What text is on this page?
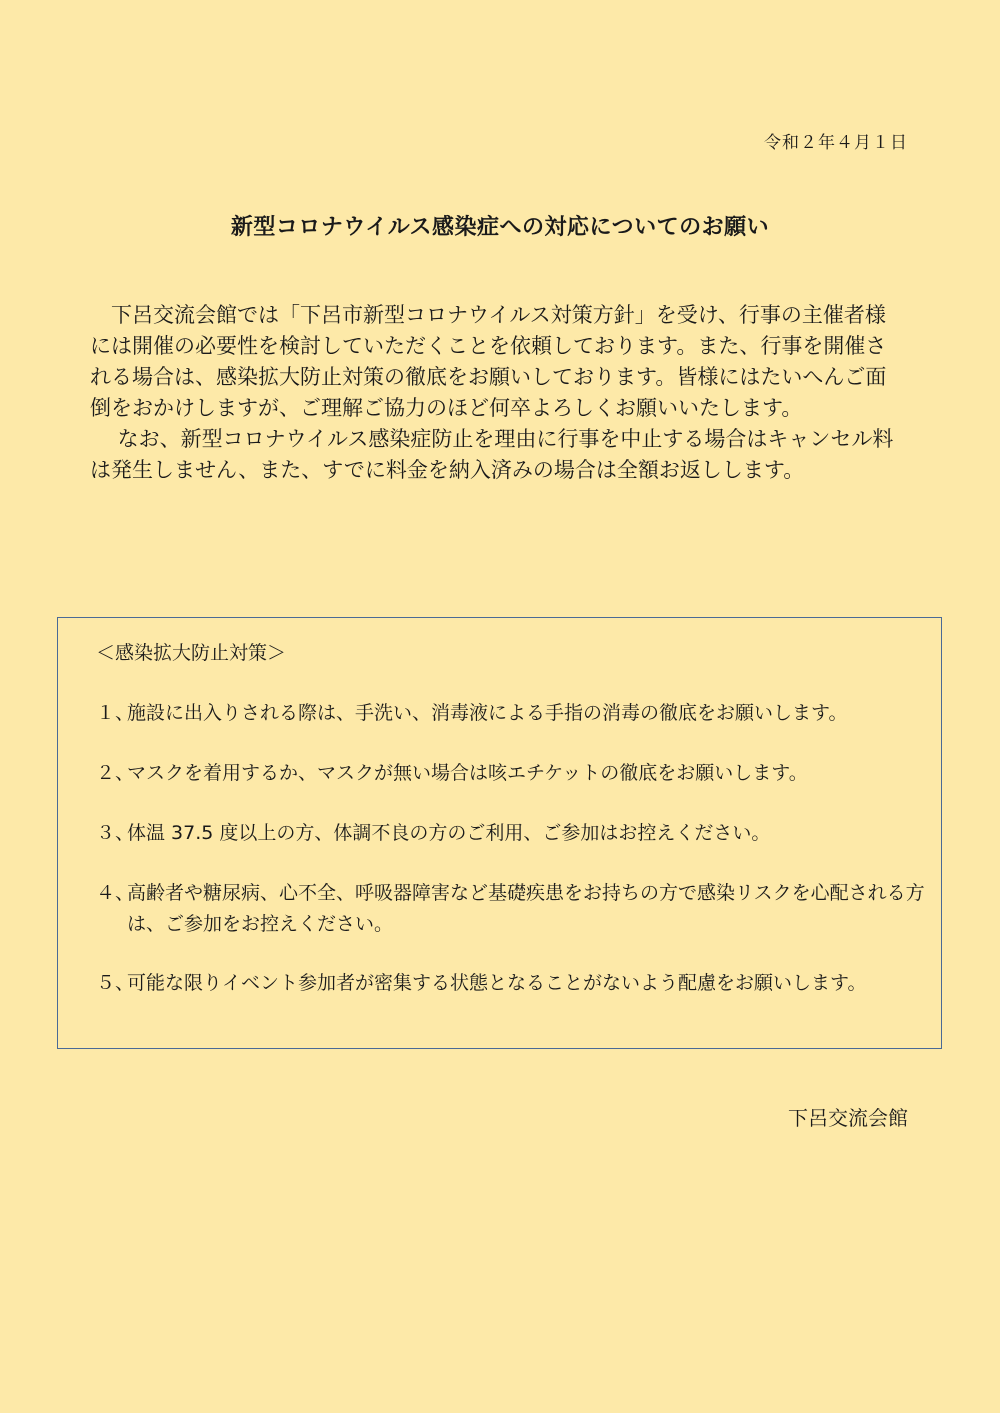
令和２年４月１日
新型コロナウイルス感染症への対応についてのお願い

　下呂交流会館では「下呂市新型コロナウイルス対策方針」を受け、行事の主催者様には開催の必要性を検討していただくことを依頼しております。また、行事を開催される場合は、感染拡大防止対策の徹底をお願いしております。皆様にはたいへんご面倒をおかけしますが、ご理解ご協力のほど何卒よろしくお願いいたします。

　 なお、新型コロナウイルス感染症防止を理由に行事を中止する場合はキャンセル料は発生しません、また、すでに料金を納入済みの場合は全額お返しします。

＜感染拡大防止対策＞
１、
施設に出入りされる際は、手洗い、消毒液による手指の消毒の徹底をお願いします。
２、
マスクを着用するか、マスクが無い場合は咳エチケットの徹底をお願いします。
３、
体温 37.5 度以上の方、体調不良の方のご利用、ご参加はお控えください。
４、
高齢者や糖尿病、心不全、呼吸器障害など基礎疾患をお持ちの方で感染リスクを心配される方は、ご参加をお控えください。
５、
可能な限りイベント参加者が密集する状態となることがないよう配慮をお願いします。
下呂交流会館
